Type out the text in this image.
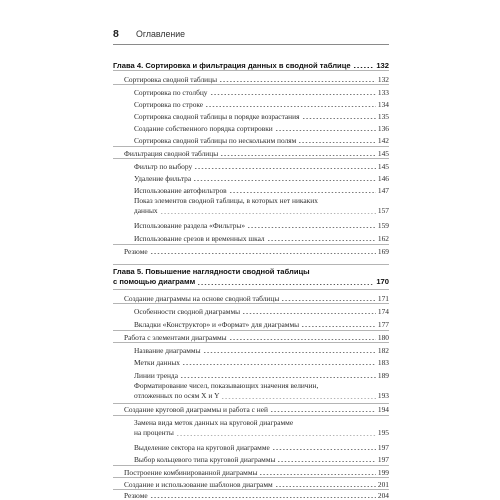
8 Оглавление
Глава 4. Сортировка и фильтрация данных в сводной таблице	132
Сортировка сводной таблицы	132
Сортировка по столбцу	133
Сортировка по строке	134
Сортировка сводной таблицы в порядке возрастания	135
Создание собственного порядка сортировки	136
Сортировка сводной таблицы по нескольким полям	142
Фильтрация сводной таблицы	145
Фильтр по выбору	145
Удаление фильтра	146
Использование автофильтров	147
Показ элементов сводной таблицы, в которых нет никаких
данных	157
Использование раздела «Фильтры»	159
Использование срезов и временных шкал	162
Резюме	169
Глава 5. Повышение наглядности сводной таблицы
с помощью диаграмм	170
Создание диаграммы на основе сводной таблицы	171
Особенности сводной диаграммы	174
Вкладки «Конструктор» и «Формат» для диаграммы	177
Работа с элементами диаграммы	180
Название диаграммы	182
Метки данных	183
Линии тренда	189
Форматирование чисел, показывающих значения величин,
отложенных по осям X и Y	193
Создание круговой диаграммы и работа с ней	194
Замена вида меток данных на круговой диаграмме
на проценты	195
Выделение сектора на круговой диаграмме	197
Выбор кольцевого типа круговой диаграммы	197
Построение комбинированной диаграммы	199
Создание и использование шаблонов диаграмм	201
Резюме	204
